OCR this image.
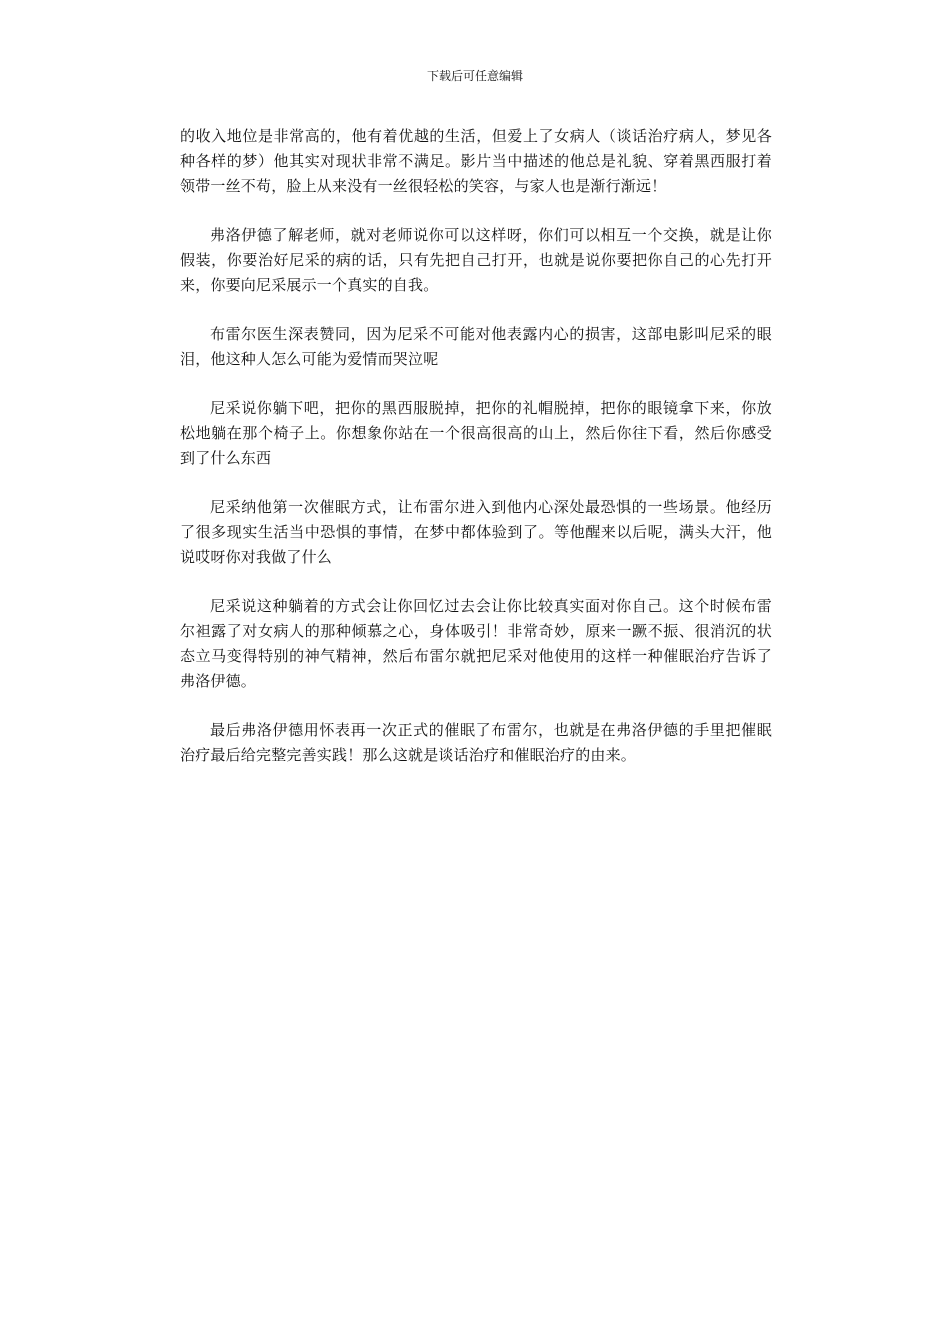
下载后可任意编辑

的收入地位是非常高的，他有着优越的生活，但爱上了女病人（谈话治疗病人，梦见各种各样的梦）他其实对现状非常不满足。影片当中描述的他总是礼貌、穿着黑西服打着领带一丝不苟，脸上从来没有一丝很轻松的笑容，与家人也是渐行渐远！

弗洛伊德了解老师，就对老师说你可以这样呀，你们可以相互一个交换，就是让你假装，你要治好尼采的病的话，只有先把自己打开，也就是说你要把你自己的心先打开来，你要向尼采展示一个真实的自我。

布雷尔医生深表赞同，因为尼采不可能对他表露内心的损害，这部电影叫尼采的眼泪，他这种人怎么可能为爱情而哭泣呢

尼采说你躺下吧，把你的黑西服脱掉，把你的礼帽脱掉，把你的眼镜拿下来，你放松地躺在那个椅子上。你想象你站在一个很高很高的山上，然后你往下看，然后你感受到了什么东西

尼采纳他第一次催眠方式，让布雷尔进入到他内心深处最恐惧的一些场景。他经历了很多现实生活当中恐惧的事情，在梦中都体验到了。等他醒来以后呢，满头大汗，他说哎呀你对我做了什么

尼采说这种躺着的方式会让你回忆过去会让你比较真实面对你自己。这个时候布雷尔袒露了对女病人的那种倾慕之心，身体吸引！非常奇妙，原来一蹶不振、很消沉的状态立马变得特别的神气精神，然后布雷尔就把尼采对他使用的这样一种催眠治疗告诉了弗洛伊德。

最后弗洛伊德用怀表再一次正式的催眠了布雷尔，也就是在弗洛伊德的手里把催眠治疗最后给完整完善实践！那么这就是谈话治疗和催眠治疗的由来。
